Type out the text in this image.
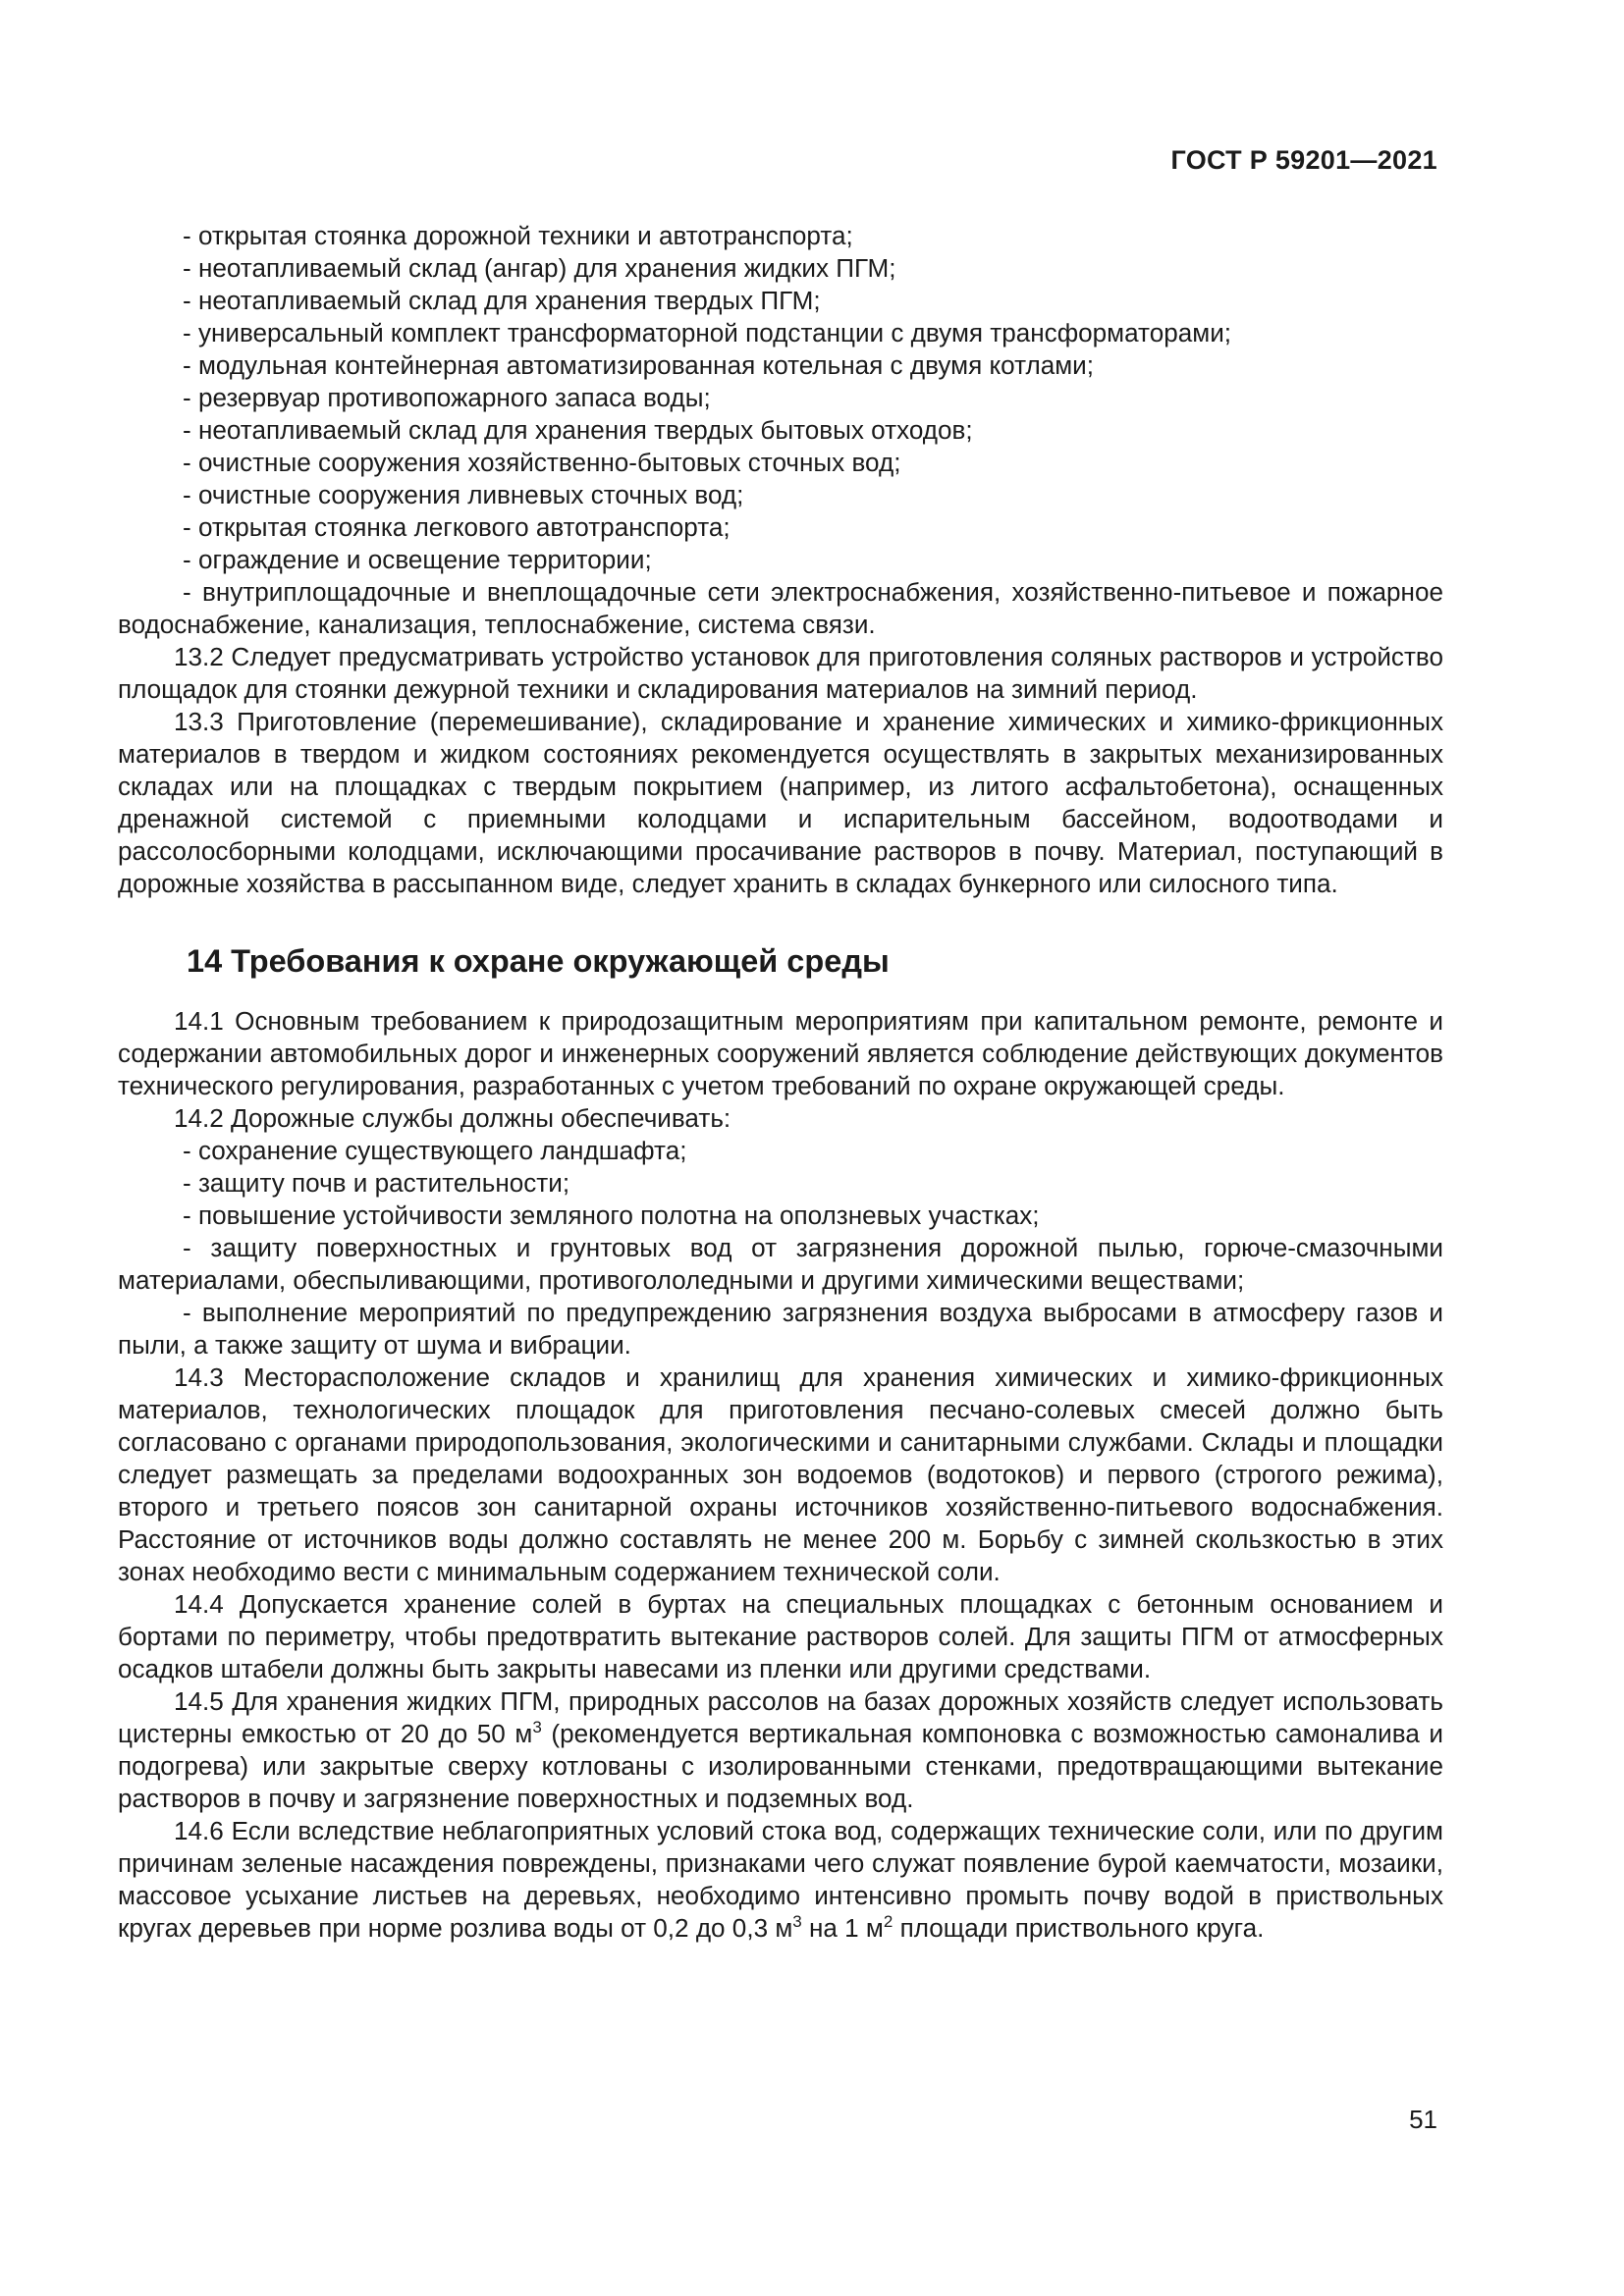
ГОСТ Р 59201—2021

- открытая стоянка дорожной техники и автотранспорта;

- неотапливаемый склад (ангар) для хранения жидких ПГМ;

- неотапливаемый склад для хранения твердых ПГМ;

- универсальный комплект трансформаторной подстанции с двумя трансформаторами;

- модульная контейнерная автоматизированная котельная с двумя котлами;

- резервуар противопожарного запаса воды;

- неотапливаемый склад для хранения твердых бытовых отходов;

- очистные сооружения хозяйственно-бытовых сточных вод;

- очистные сооружения ливневых сточных вод;

- открытая стоянка легкового автотранспорта;

- ограждение и освещение территории;

- внутриплощадочные и внеплощадочные сети электроснабжения, хозяйственно-питьевое и пожарное водоснабжение, канализация, теплоснабжение, система связи.

13.2 Следует предусматривать устройство установок для приготовления соляных растворов и устройство площадок для стоянки дежурной техники и складирования материалов на зимний период.

13.3 Приготовление (перемешивание), складирование и хранение химических и химико-фрикционных материалов в твердом и жидком состояниях рекомендуется осуществлять в закрытых механизированных складах или на площадках с твердым покрытием (например, из литого асфальтобетона), оснащенных дренажной системой с приемными колодцами и испарительным бассейном, водоотводами и рассолосборными колодцами, исключающими просачивание растворов в почву. Материал, поступающий в дорожные хозяйства в рассыпанном виде, следует хранить в складах бункерного или силосного типа.

14 Требования к охране окружающей среды

14.1 Основным требованием к природозащитным мероприятиям при капитальном ремонте, ремонте и содержании автомобильных дорог и инженерных сооружений является соблюдение действующих документов технического регулирования, разработанных с учетом требований по охране окружающей среды.

14.2 Дорожные службы должны обеспечивать:

- сохранение существующего ландшафта;

- защиту почв и растительности;

- повышение устойчивости земляного полотна на оползневых участках;

- защиту поверхностных и грунтовых вод от загрязнения дорожной пылью, горюче-смазочными материалами, обеспыливающими, противогололедными и другими химическими веществами;

- выполнение мероприятий по предупреждению загрязнения воздуха выбросами в атмосферу газов и пыли, а также защиту от шума и вибрации.

14.3 Месторасположение складов и хранилищ для хранения химических и химико-фрикционных материалов, технологических площадок для приготовления песчано-солевых смесей должно быть согласовано с органами природопользования, экологическими и санитарными службами. Склады и площадки следует размещать за пределами водоохранных зон водоемов (водотоков) и первого (строгого режима), второго и третьего поясов зон санитарной охраны источников хозяйственно-питьевого водоснабжения. Расстояние от источников воды должно составлять не менее 200 м. Борьбу с зимней скользкостью в этих зонах необходимо вести с минимальным содержанием технической соли.

14.4 Допускается хранение солей в буртах на специальных площадках с бетонным основанием и бортами по периметру, чтобы предотвратить вытекание растворов солей. Для защиты ПГМ от атмосферных осадков штабели должны быть закрыты навесами из пленки или другими средствами.

14.5 Для хранения жидких ПГМ, природных рассолов на базах дорожных хозяйств следует использовать цистерны емкостью от 20 до 50 $м^3$ (рекомендуется вертикальная компоновка с возможностью самоналива и подогрева) или закрытые сверху котлованы с изолированными стенками, предотвращающими вытекание растворов в почву и загрязнение поверхностных и подземных вод.

14.6 Если вследствие неблагоприятных условий стока вод, содержащих технические соли, или по другим причинам зеленые насаждения повреждены, признаками чего служат появление бурой каемчатости, мозаики, массовое усыхание листьев на деревьях, необходимо интенсивно промыть почву водой в приствольных кругах деревьев при норме розлива воды от 0,2 до 0,3 $м^3$ на 1 $м^2$ площади приствольного круга.

51
